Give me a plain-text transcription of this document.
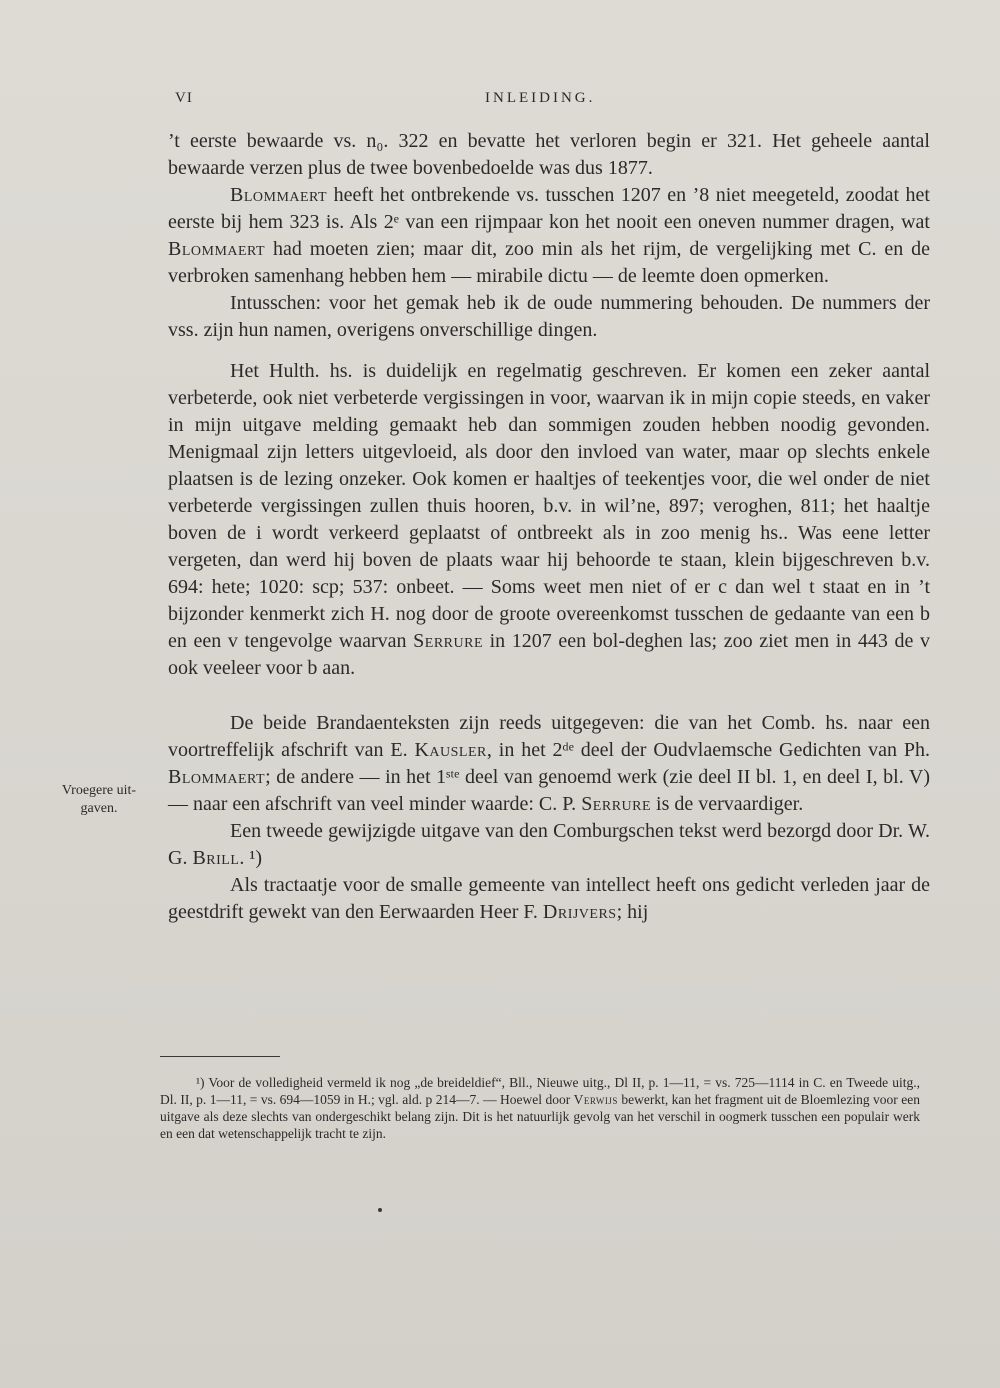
VI	INLEIDING.

’t eerste bewaarde vs. n₀. 322 en bevatte het verloren begin er 321. Het geheele aantal bewaarde verzen plus de twee bovenbedoelde was dus 1877.

Blommaert heeft het ontbrekende vs. tusschen 1207 en ’8 niet meegeteld, zoodat het eerste bij hem 323 is. Als 2ᵉ van een rijmpaar kon het nooit een oneven nummer dragen, wat Blommaert had moeten zien; maar dit, zoo min als het rijm, de vergelijking met C. en de verbroken samenhang hebben hem — mirabile dictu — de leemte doen opmerken.

Intusschen: voor het gemak heb ik de oude nummering behouden. De nummers der vss. zijn hun namen, overigens onverschillige dingen.

Het Hulth. hs. is duidelijk en regelmatig geschreven. Er komen een zeker aantal verbeterde, ook niet verbeterde vergissingen in voor, waarvan ik in mijn copie steeds, en vaker in mijn uitgave melding gemaakt heb dan sommigen zouden hebben noodig gevonden. Menigmaal zijn letters uitgevloeid, als door den invloed van water, maar op slechts enkele plaatsen is de lezing onzeker. Ook komen er haaltjes of teekentjes voor, die wel onder de niet verbeterde vergissingen zullen thuis hooren, b.v. in wil’ne, 897; veroghen, 811; het haaltje boven de i wordt verkeerd geplaatst of ontbreekt als in zoo menig hs.. Was eene letter vergeten, dan werd hij boven de plaats waar hij behoorde te staan, klein bijgeschreven b.v. 694: hete; 1020: scp; 537: onbeet. — Soms weet men niet of er c dan wel t staat en in ’t bijzonder kenmerkt zich H. nog door de groote overeenkomst tusschen de gedaante van een b en een v tengevolge waarvan Serrure in 1207 een bol-deghen las; zoo ziet men in 443 de v ook veeleer voor b aan.

De beide Brandaenteksten zijn reeds uitgegeven: die van het Comb. hs. naar een voortreffelijk afschrift van E. Kausler, in het 2ᵈᵉ deel der Oudvlaemsche Gedichten van Ph. Blommaert; de andere — in het 1ˢᵗᵉ deel van genoemd werk (zie deel II bl. 1, en deel I, bl. V) — naar een afschrift van veel minder waarde: C. P. Serrure is de vervaardiger.

Een tweede gewijzigde uitgave van den Comburgschen tekst werd bezorgd door Dr. W. G. Brill. ¹)

Als tractaatje voor de smalle gemeente van intellect heeft ons gedicht verleden jaar de geestdrift gewekt van den Eerwaarden Heer F. Drijvers; hij

Vroegere uit-gaven.
¹) Voor de volledigheid vermeld ik nog „de breideldief“, Bll., Nieuwe uitg., Dl II, p. 1—11, = vs. 725—1114 in C. en Tweede uitg., Dl. II, p. 1—11, = vs. 694—1059 in H.; vgl. ald. p 214—7. — Hoewel door Verwijs bewerkt, kan het fragment uit de Bloemlezing voor een uitgave als deze slechts van ondergeschikt belang zijn. Dit is het natuurlijk gevolg van het verschil in oogmerk tusschen een populair werk en een dat wetenschappelijk tracht te zijn.
